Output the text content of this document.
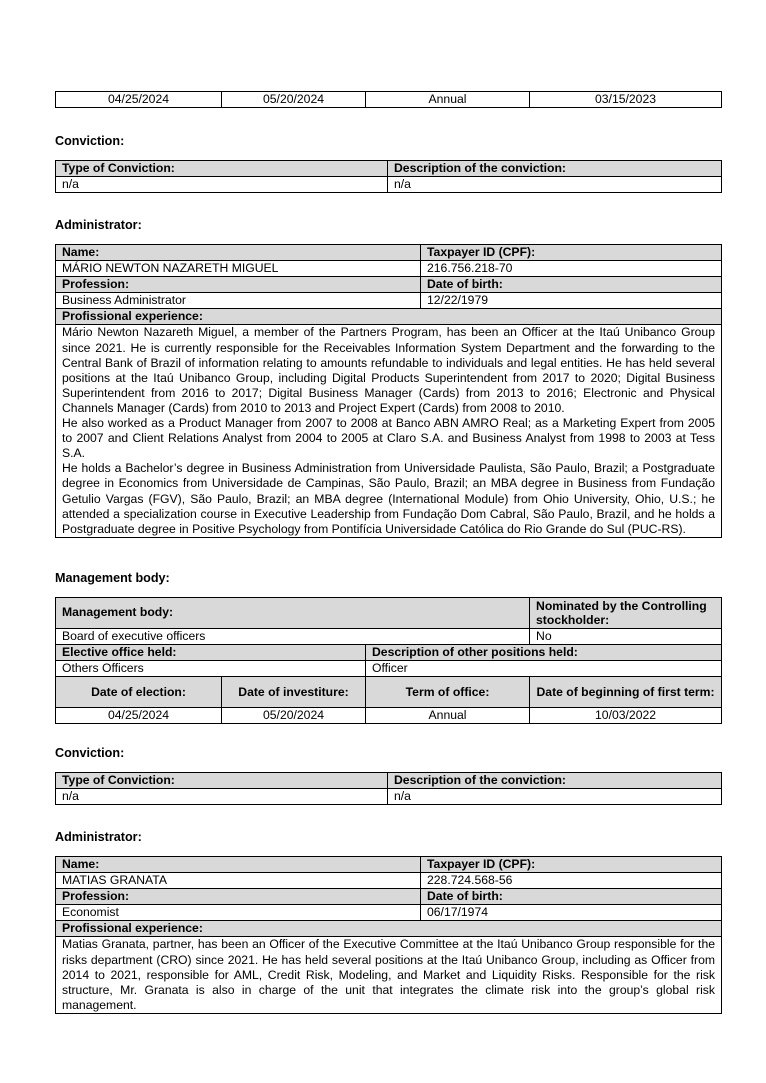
04/25/2024	05/20/2024	Annual	03/15/2023
Conviction:
Type of Conviction:	Description of the conviction:
n/a	n/a
Administrator:
Name:	Taxpayer ID (CPF):
MÁRIO NEWTON NAZARETH MIGUEL	216.756.218-70
Profession:	Date of birth:
Business Administrator	12/22/1979
Profissional experience:	

Mário Newton Nazareth Miguel, a member of the Partners Program, has been an Officer at the Itaú Unibanco Group since 2021. He is currently responsible for the Receivables Information System Department and the forwarding to the Central Bank of Brazil of information relating to amounts refundable to individuals and legal entities. He has held several positions at the Itaú Unibanco Group, including Digital Products Superintendent from 2017 to 2020; Digital Business Superintendent from 2016 to 2017; Digital Business Manager (Cards) from 2013 to 2016; Electronic and Physical Channels Manager (Cards) from 2010 to 2013 and Project Expert (Cards) from 2008 to 2010.
He also worked as a Product Manager from 2007 to 2008 at Banco ABN AMRO Real; as a Marketing Expert from 2005 to 2007 and Client Relations Analyst from 2004 to 2005 at Claro S.A. and Business Analyst from 1998 to 2003 at Tess S.A.
He holds a Bachelor’s degree in Business Administration from Universidade Paulista, São Paulo, Brazil; a Postgraduate degree in Economics from Universidade de Campinas, São Paulo, Brazil; an MBA degree in Business from Fundação Getulio Vargas (FGV), São Paulo, Brazil; an MBA degree (International Module) from Ohio University, Ohio, U.S.; he attended a specialization course in Executive Leadership from Fundação Dom Cabral, São Paulo, Brazil, and he holds a Postgraduate degree in Positive Psychology from Pontifícia Universidade Católica do Rio Grande do Sul (PUC-RS).	
Management body:
Management body:			Nominated by the Controlling stockholder:
Board of executive officers			No
Elective office held:		Description of other positions held:	
Others Officers		Officer	
Date of election:	Date of investiture:	Term of office:	Date of beginning of first term:
04/25/2024	05/20/2024	Annual	10/03/2022
Conviction:
Type of Conviction:	Description of the conviction:
n/a	n/a
Administrator:
Name:	Taxpayer ID (CPF):
MATIAS GRANATA	228.724.568-56
Profession:	Date of birth:
Economist	06/17/1974
Profissional experience:	

Matias Granata, partner, has been an Officer of the Executive Committee at the Itaú Unibanco Group responsible for the risks department (CRO) since 2021. He has held several positions at the Itaú Unibanco Group, including as Officer from 2014 to 2021, responsible for AML, Credit Risk, Modeling, and Market and Liquidity Risks. Responsible for the risk structure, Mr. Granata is also in charge of the unit that integrates the climate risk into the group’s global risk management.	
